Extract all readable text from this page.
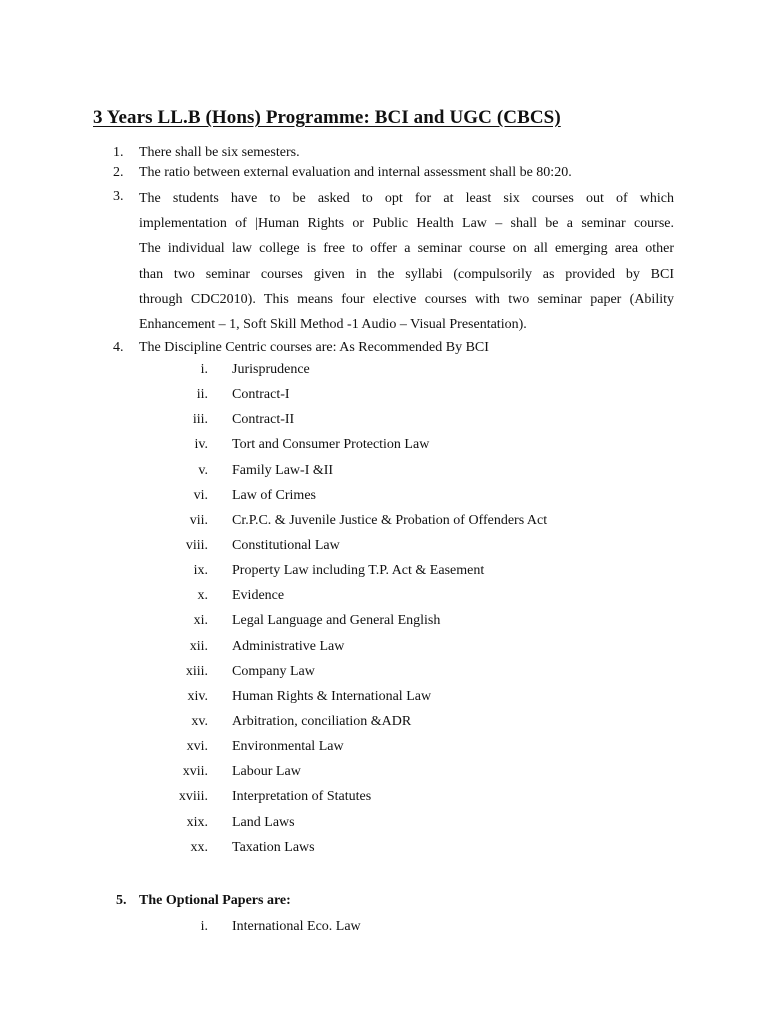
3 Years LL.B (Hons) Programme: BCI and UGC (CBCS)
1.	There shall be six semesters.
2.	The ratio between external evaluation and internal assessment shall be 80:20.
3.	The students have to be asked to opt for at least six courses out of which
implementation of |Human Rights or Public Health Law – shall be a seminar course.
The individual law college is free to offer a seminar course on all emerging area other
than two seminar courses given in the syllabi (compulsorily as provided by BCI
through CDC2010). This means four elective courses with two seminar paper (Ability
Enhancement – 1, Soft Skill Method -1 Audio – Visual Presentation).
4.	The Discipline Centric courses are: As Recommended By BCI
i. Jurisprudence
ii. Contract-I
iii. Contract-II
iv. Tort and Consumer Protection Law
v. Family Law-I &II
vi. Law of Crimes
vii. Cr.P.C. & Juvenile Justice & Probation of Offenders Act
viii. Constitutional Law
ix. Property Law including T.P. Act & Easement
x. Evidence
xi. Legal Language and General English
xii. Administrative Law
xiii. Company Law
xiv. Human Rights & International Law
xv. Arbitration, conciliation &ADR
xvi. Environmental Law
xvii. Labour Law
xviii. Interpretation of Statutes
xix. Land Laws
xx. Taxation Laws
5. The Optional Papers are:
i. International Eco. Law
